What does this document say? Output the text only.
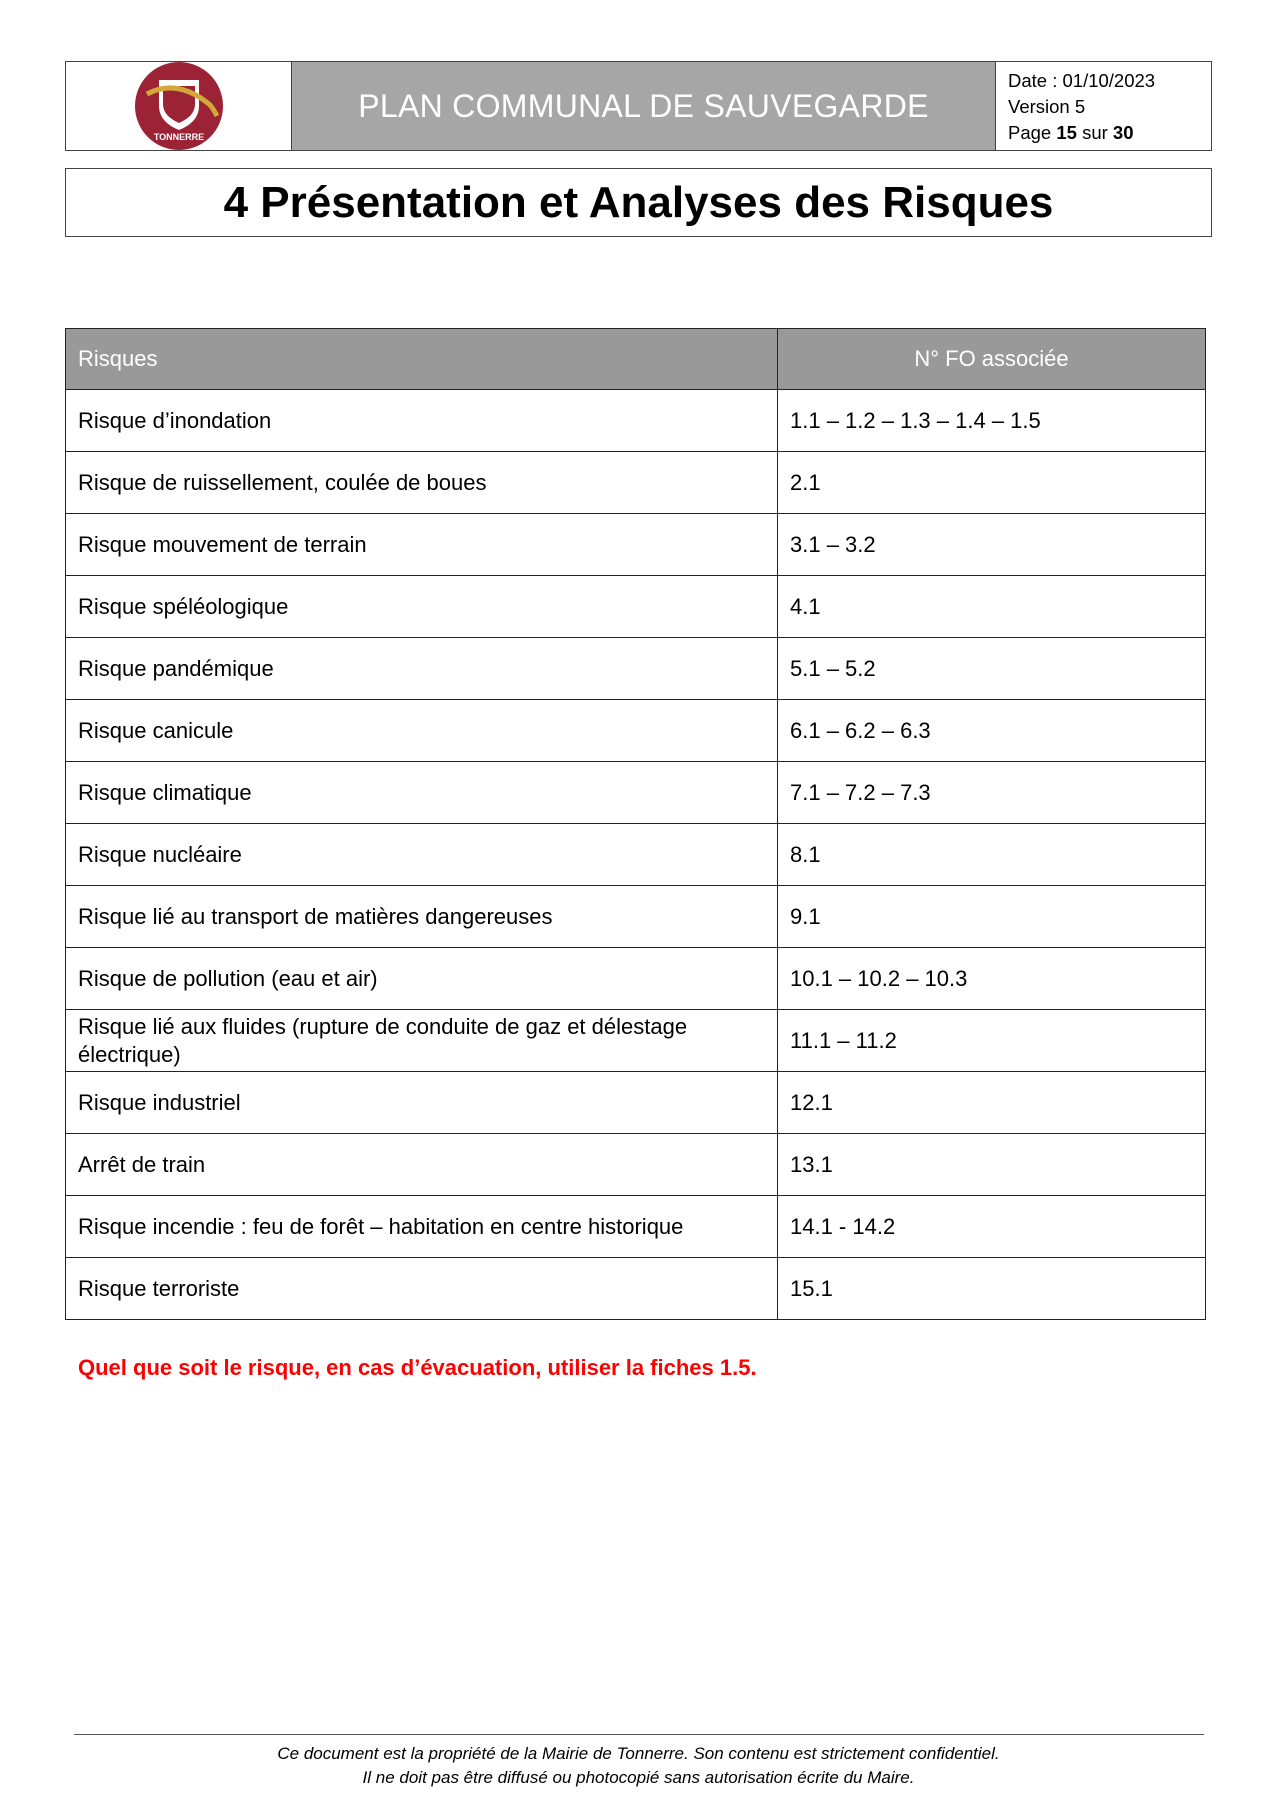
TONNERRE
PLAN COMMUNAL DE SAUVEGARDE
Date : 01/10/2023
Version 5
Page 15 sur 30
4 Présentation et Analyses des Risques
Risques	N° FO associée
Risque d’inondation	1.1 – 1.2 – 1.3 – 1.4 – 1.5
Risque de ruissellement, coulée de boues	2.1
Risque mouvement de terrain	3.1 – 3.2
Risque spéléologique	4.1
Risque pandémique	5.1 – 5.2
Risque canicule	6.1 – 6.2 – 6.3
Risque climatique	7.1 – 7.2 – 7.3
Risque nucléaire	8.1
Risque lié au transport de matières dangereuses	9.1
Risque de pollution (eau et air)	10.1 – 10.2 – 10.3
Risque lié aux fluides (rupture de conduite de gaz et délestage électrique)	11.1 – 11.2
Risque industriel	12.1
Arrêt de train	13.1
Risque incendie : feu de forêt – habitation en centre historique	14.1 - 14.2
Risque terroriste	15.1
Quel que soit le risque, en cas d’évacuation, utiliser la fiches 1.5.
Ce document est la propriété de la Mairie de Tonnerre. Son contenu est strictement confidentiel.
Il ne doit pas être diffusé ou photocopié sans autorisation écrite du Maire.
